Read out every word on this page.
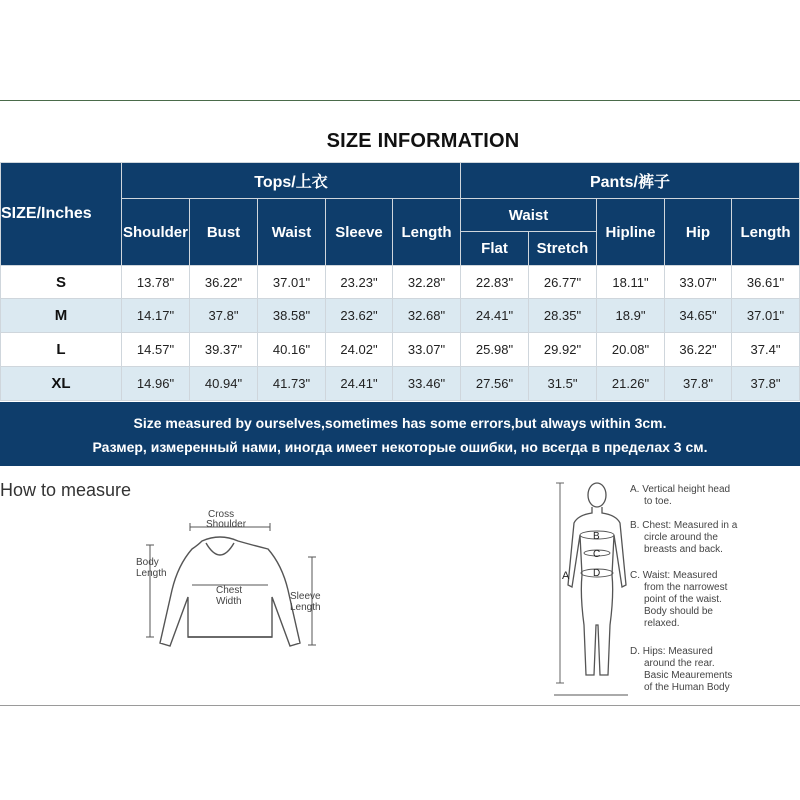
SIZE INFORMATION
SIZE/Inches	Tops/上衣					Pants/裤子				
	Shoulder	Bust	Waist	Sleeve	Length	Waist		Hipline	Hip	Length
						Flat	Stretch			
S	13.78"	36.22"	37.01"	23.23"	32.28"	22.83"	26.77"	18.11"	33.07"	36.61"
M	14.17"	37.8"	38.58"	23.62"	32.68"	24.41"	28.35"	18.9"	34.65"	37.01"
L	14.57"	39.37"	40.16"	24.02"	33.07"	25.98"	29.92"	20.08"	36.22"	37.4"
XL	14.96"	40.94"	41.73"	24.41"	33.46"	27.56"	31.5"	21.26"	37.8"	37.8"
Size measured by ourselves,sometimes has some errors,but always within 3cm.
Размер, измеренный нами, иногда имеет некоторые ошибки, но всегда в пределах 3 см.
How to measure
Cross
Shoulder
Body
Length
Chest
Width	Sleeve
Length
A
B
C
D
A. Vertical height head
to toe.
B. Chest: Measured in a
circle around the
breasts and back.
C. Waist: Measured
from the narrowest
point of the waist.
Body should be
relaxed.
D. Hips: Measured
around the rear.
Basic Meaurements
of the Human Body
